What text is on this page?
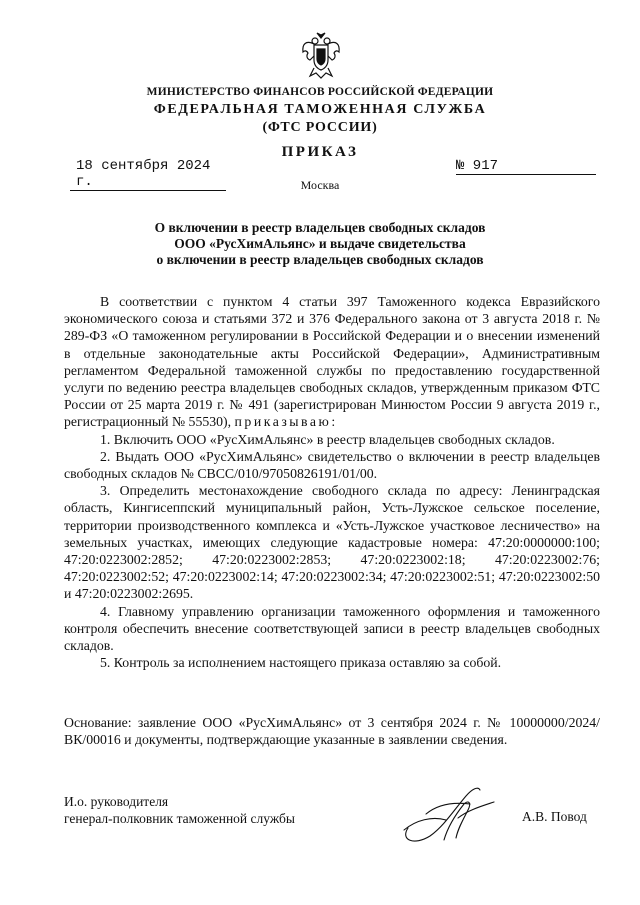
МИНИСТЕРСТВО ФИНАНСОВ РОССИЙСКОЙ ФЕДЕРАЦИИ

ФЕДЕРАЛЬНАЯ ТАМОЖЕННАЯ СЛУЖБА

(ФТС РОССИИ)

ПРИКАЗ

18 сентября 2024 г.
№ 917
Москва
О включении в реестр владельцев свободных складов
ООО «РусХимАльянс» и выдаче свидетельства
о включении в реестр владельцев свободных складов

В соответствии с пунктом 4 статьи 397 Таможенного кодекса Евразийского экономического союза и статьями 372 и 376 Федерального закона от 3 августа 2018 г. № 289-ФЗ «О таможенном регулировании в Российской Федерации и о внесении изменений в отдельные законодательные акты Российской Федерации», Административным регламентом Федеральной таможенной службы по предоставлению государственной услуги по ведению реестра владельцев свободных складов, утвержденным приказом ФТС России от 25 марта 2019 г. № 491 (зарегистрирован Минюстом России 9 августа 2019 г., регистрационный № 55530), приказываю:

1. Включить ООО «РусХимАльянс» в реестр владельцев свободных складов.

2. Выдать ООО «РусХимАльянс» свидетельство о включении в реестр владельцев свободных складов № СВСС/010/97050826191/01/00.

3. Определить местонахождение свободного склада по адресу: Ленинградская область, Кингисеппский муниципальный район, Усть-Лужское сельское поселение, территории производственного комплекса и «Усть-Лужское участковое лесничество» на земельных участках, имеющих следующие кадастровые номера: 47:20:0000000:100; 47:20:0223002:2852; 47:20:0223002:2853; 47:20:0223002:18; 47:20:0223002:76; 47:20:0223002:52; 47:20:0223002:14; 47:20:0223002:34; 47:20:0223002:51; 47:20:0223002:50 и 47:20:0223002:2695.

4. Главному управлению организации таможенного оформления и таможенного контроля обеспечить внесение соответствующей записи в реестр владельцев свободных складов.

5. Контроль за исполнением настоящего приказа оставляю за собой.

Основание: заявление ООО «РусХимАльянс» от 3 сентября 2024 г. № 10000000/2024/ВК/00016 и документы, подтверждающие указанные в заявлении сведения.

И.о. руководителя
генерал-полковник таможенной службы	А.В. Повод
